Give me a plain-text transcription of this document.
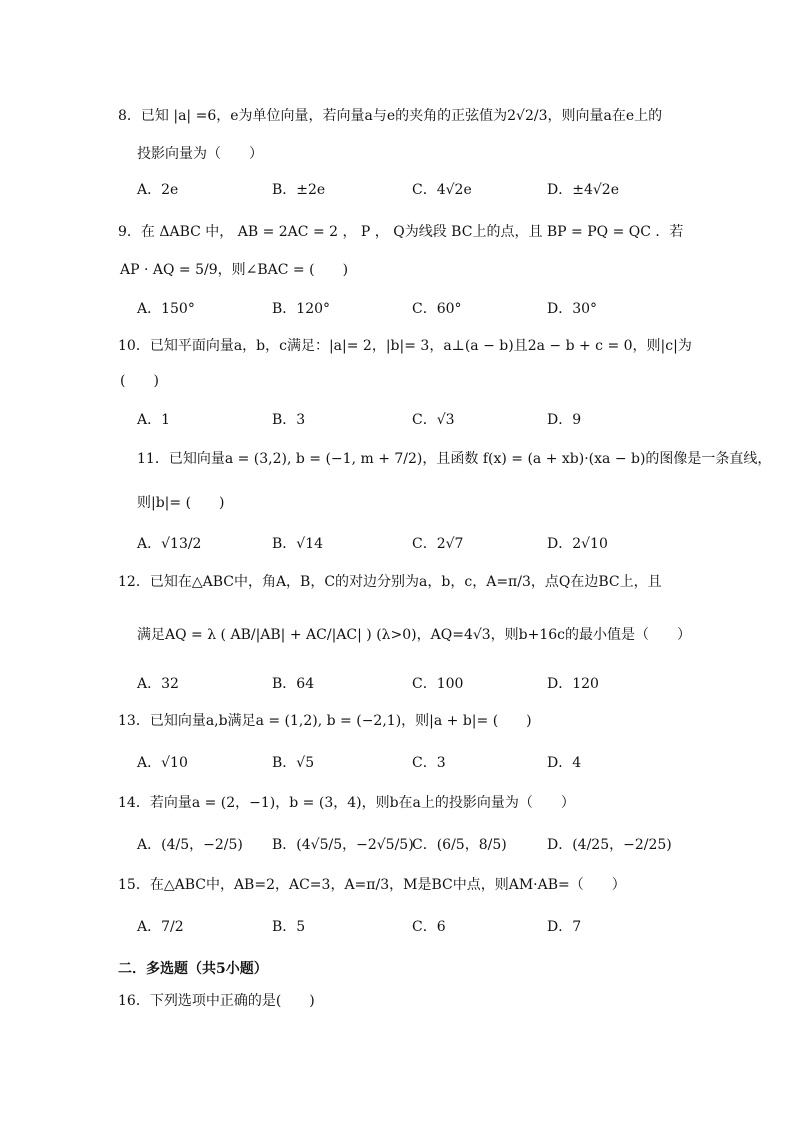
8．已知 |a| =6，e为单位向量，若向量a与e的夹角的正弦值为2√2/3，则向量a在e上的
投影向量为（　　）
A．2e	B．±2e	C．4√2e	D．±4√2e
9．在 ΔABC 中， AB = 2AC = 2 ， P ， Q为线段 BC上的点，且 BP = PQ = QC ．若
AP · AQ = 5/9，则∠BAC = (　　)
A．150°	B．120°	C．60°	D．30°
10．已知平面向量a，b，c满足：|a|= 2，|b|= 3，a⊥(a − b)且2a − b + c = 0，则|c|为
(　　)
A．1	B．3	C．√3	D．9
11．已知向量a = (3,2), b = (−1, m + 7/2)，且函数 f(x) = (a + xb)·(xa − b)的图像是一条直线，
则|b|= (　　)
A．√13/2	B．√14	C．2√7	D．2√10
12．已知在△ABC中，角A，B，C的对边分别为a，b，c，A=π/3，点Q在边BC上，且
满足AQ = λ ( AB/|AB| + AC/|AC| ) (λ>0)，AQ=4√3，则b+16c的最小值是（　　）
A．32	B．64	C．100	D．120
13．已知向量a,b满足a = (1,2), b = (−2,1)，则|a + b|= (　　)
A．√10	B．√5	C．3	D．4
14．若向量a = (2，−1)，b = (3，4)，则b在a上的投影向量为（　　）
A．(4/5，−2/5) B．(4√5/5，−2√5/5)
C．(6/5，8/5)	D．(4/25，−2/25)
15．在△ABC中，AB=2，AC=3，A=π/3，M是BC中点，则AM·AB=（　　）
A．7/2	B．5	C．6	D．7
二．多选题（共5小题）
16．下列选项中正确的是(　　)
